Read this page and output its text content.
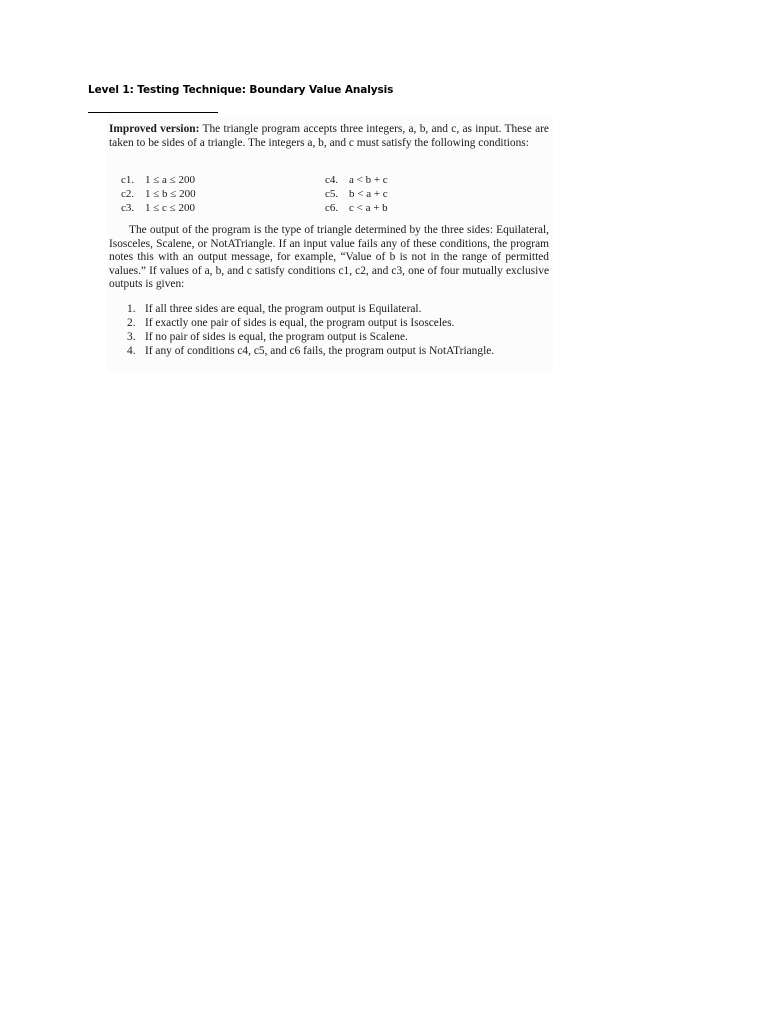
Level 1: Testing Technique: Boundary Value Analysis

Improved version: The triangle program accepts three integers, a, b, and c, as input. These are taken to be sides of a triangle. The integers a, b, and c must satisfy the following conditions:

c1. 1 ≤ a ≤ 200
c2. 1 ≤ b ≤ 200
c3. 1 ≤ c ≤ 200
c4. a < b + c
c5. b < a + c
c6. c < a + b

The output of the program is the type of triangle determined by the three sides: Equilateral, Isosceles, Scalene, or NotATriangle. If an input value fails any of these conditions, the program notes this with an output message, for example, “Value of b is not in the range of permitted values.” If values of a, b, and c satisfy conditions c1, c2, and c3, one of four mutually exclusive outputs is given:

1. If all three sides are equal, the program output is Equilateral.
2. If exactly one pair of sides is equal, the program output is Isosceles.
3. If no pair of sides is equal, the program output is Scalene.
4. If any of conditions c4, c5, and c6 fails, the program output is NotATriangle.
